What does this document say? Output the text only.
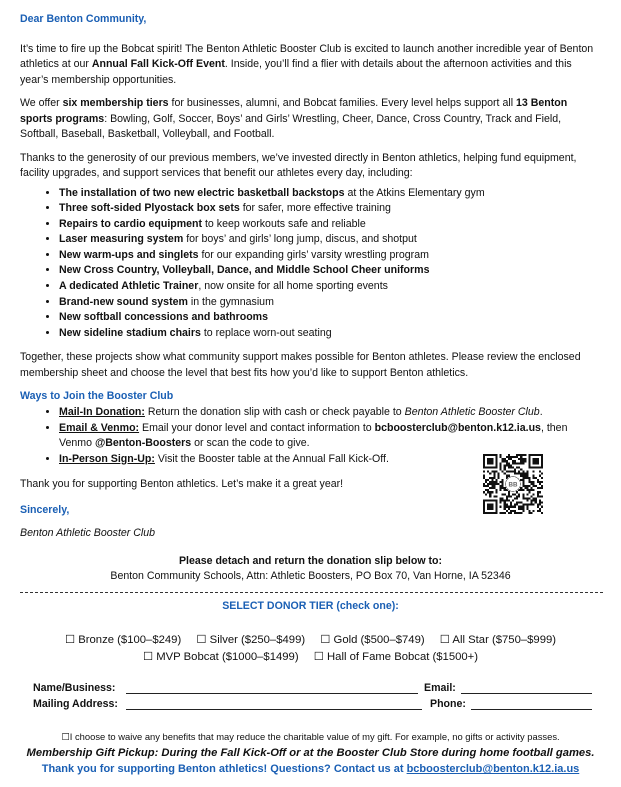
Dear Benton Community,

It’s time to fire up the Bobcat spirit! The Benton Athletic Booster Club is excited to launch another incredible year of Benton athletics at our Annual Fall Kick-Off Event. Inside, you’ll find a flier with details about the afternoon activities and this year’s membership opportunities.

We offer six membership tiers for businesses, alumni, and Bobcat families. Every level helps support all 13 Benton sports programs: Bowling, Golf, Soccer, Boys’ and Girls’ Wrestling, Cheer, Dance, Cross Country, Track and Field, Softball, Baseball, Basketball, Volleyball, and Football.

Thanks to the generosity of our previous members, we’ve invested directly in Benton athletics, helping fund equipment, facility upgrades, and support services that benefit our athletes every day, including:

• The installation of two new electric basketball backstops at the Atkins Elementary gym
• Three soft-sided Plyostack box sets for safer, more effective training
• Repairs to cardio equipment to keep workouts safe and reliable
• Laser measuring system for boys’ and girls’ long jump, discus, and shotput
• New warm-ups and singlets for our expanding girls’ varsity wrestling program
• New Cross Country, Volleyball, Dance, and Middle School Cheer uniforms
• A dedicated Athletic Trainer, now onsite for all home sporting events
• Brand-new sound system in the gymnasium
• New softball concessions and bathrooms
• New sideline stadium chairs to replace worn-out seating

Together, these projects show what community support makes possible for Benton athletes. Please review the enclosed membership sheet and choose the level that best fits how you’d like to support Benton athletics.

Ways to Join the Booster Club

• Mail-In Donation: Return the donation slip with cash or check payable to Benton Athletic Booster Club.
• Email & Venmo: Email your donor level and contact information to bcboosterclub@benton.k12.ia.us, then Venmo @Benton-Boosters or scan the code to give.
• In-Person Sign-Up: Visit the Booster table at the Annual Fall Kick-Off.
BB

Thank you for supporting Benton athletics. Let’s make it a great year!

Sincerely,

Benton Athletic Booster Club

Please detach and return the donation slip below to:

Benton Community Schools, Attn: Athletic Boosters, PO Box 70, Van Horne, IA 52346

SELECT DONOR TIER (check one):

☐ Bronze ($100–$249) ☐ Silver ($250–$499) ☐ Gold ($500–$749) ☐ All Star ($750–$999)
☐ MVP Bobcat ($1000–$1499) ☐ Hall of Fame Bobcat ($1500+)
Name/Business:	Email:
Mailing Address:	Phone:

☐I choose to waive any benefits that may reduce the charitable value of my gift. For example, no gifts or activity passes.

Membership Gift Pickup: During the Fall Kick-Off or at the Booster Club Store during home football games.

Thank you for supporting Benton athletics! Questions? Contact us at bcboosterclub@benton.k12.ia.us
